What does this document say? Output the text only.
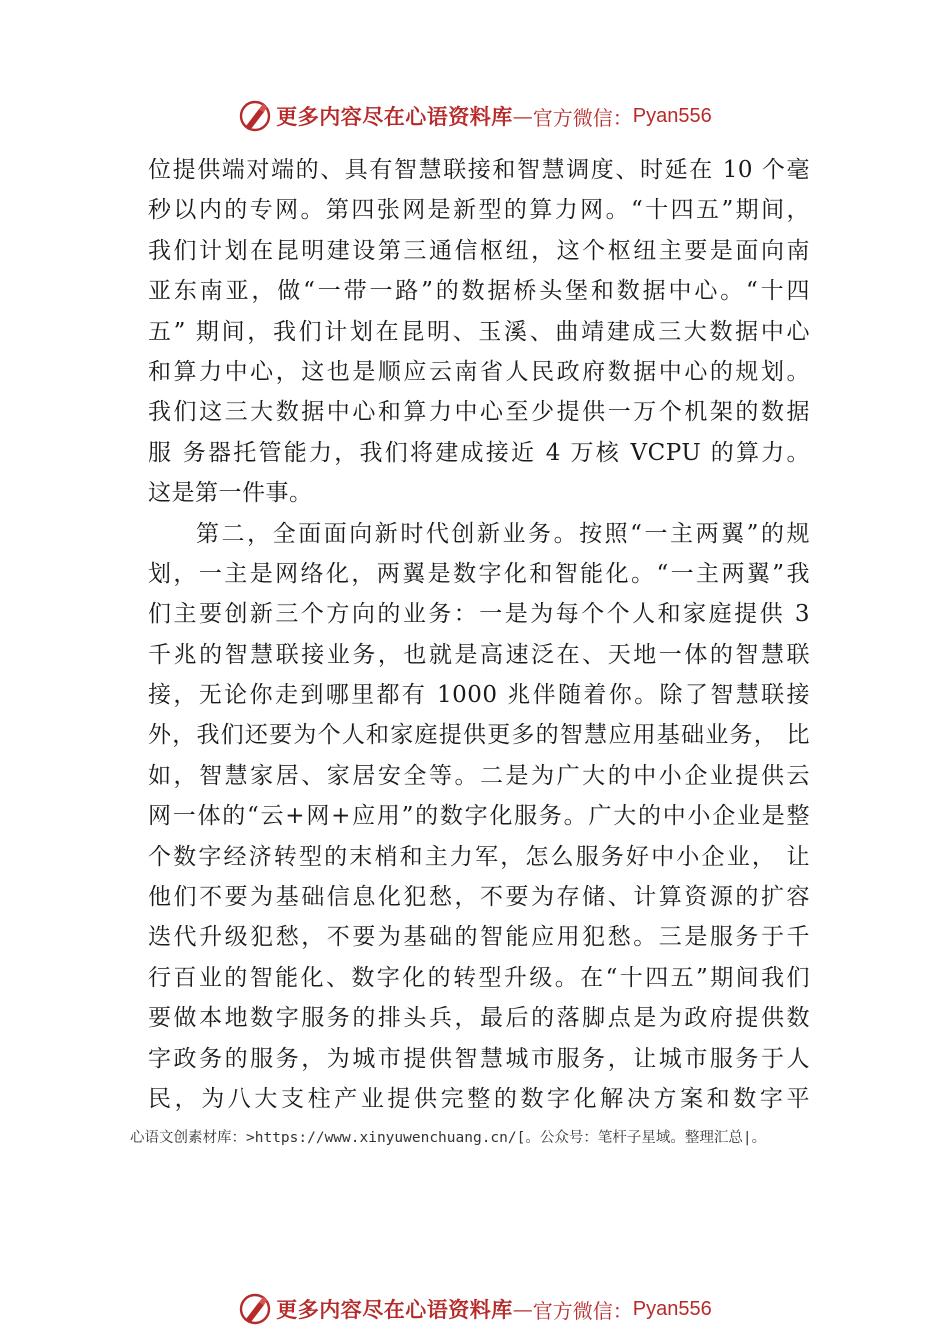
更多内容尽在心语资料库 — 官方微信： Pyan556
位提供端对端的、具有智慧联接和智慧调度、时延在 10 个毫
秒以内的专网。第四张网是新型的算力网。“十四五”期间，
我们计划在昆明建设第三通信枢纽，这个枢纽主要是面向南
亚东南亚，做“一带一路”的数据桥头堡和数据中心。“十四
五” 期间，我们计划在昆明、玉溪、曲靖建成三大数据中心
和算力中心，这也是顺应云南省人民政府数据中心的规划。
我们这三大数据中心和算力中心至少提供一万个机架的数据
服 务器托管能力，我们将建成接近 4 万核 VCPU 的算力。
这是第一件事。
第二，全面面向新时代创新业务。按照“一主两翼”的规
划，一主是网络化，两翼是数字化和智能化。“一主两翼”我
们主要创新三个方向的业务：一是为每个个人和家庭提供 3
千兆的智慧联接业务，也就是高速泛在、天地一体的智慧联
接，无论你走到哪里都有 1000 兆伴随着你。除了智慧联接
外，我们还要为个人和家庭提供更多的智慧应用基础业务， 比
如，智慧家居、家居安全等。二是为广大的中小企业提供云
网一体的“云+网+应用”的数字化服务。广大的中小企业是整
个数字经济转型的末梢和主力军，怎么服务好中小企业， 让
他们不要为基础信息化犯愁，不要为存储、计算资源的扩容
迭代升级犯愁，不要为基础的智能应用犯愁。三是服务于千
行百业的智能化、数字化的转型升级。在“十四五”期间我们
要做本地数字服务的排头兵，最后的落脚点是为政府提供数
字政务的服务，为城市提供智慧城市服务，让城市服务于人
民，为八大支柱产业提供完整的数字化解决方案和数字平
心语文创素材库：>https://www.xinyuwenchuang.cn/[。公众号：笔杆子星域。整理汇总|。
更多内容尽在心语资料库 — 官方微信： Pyan556
